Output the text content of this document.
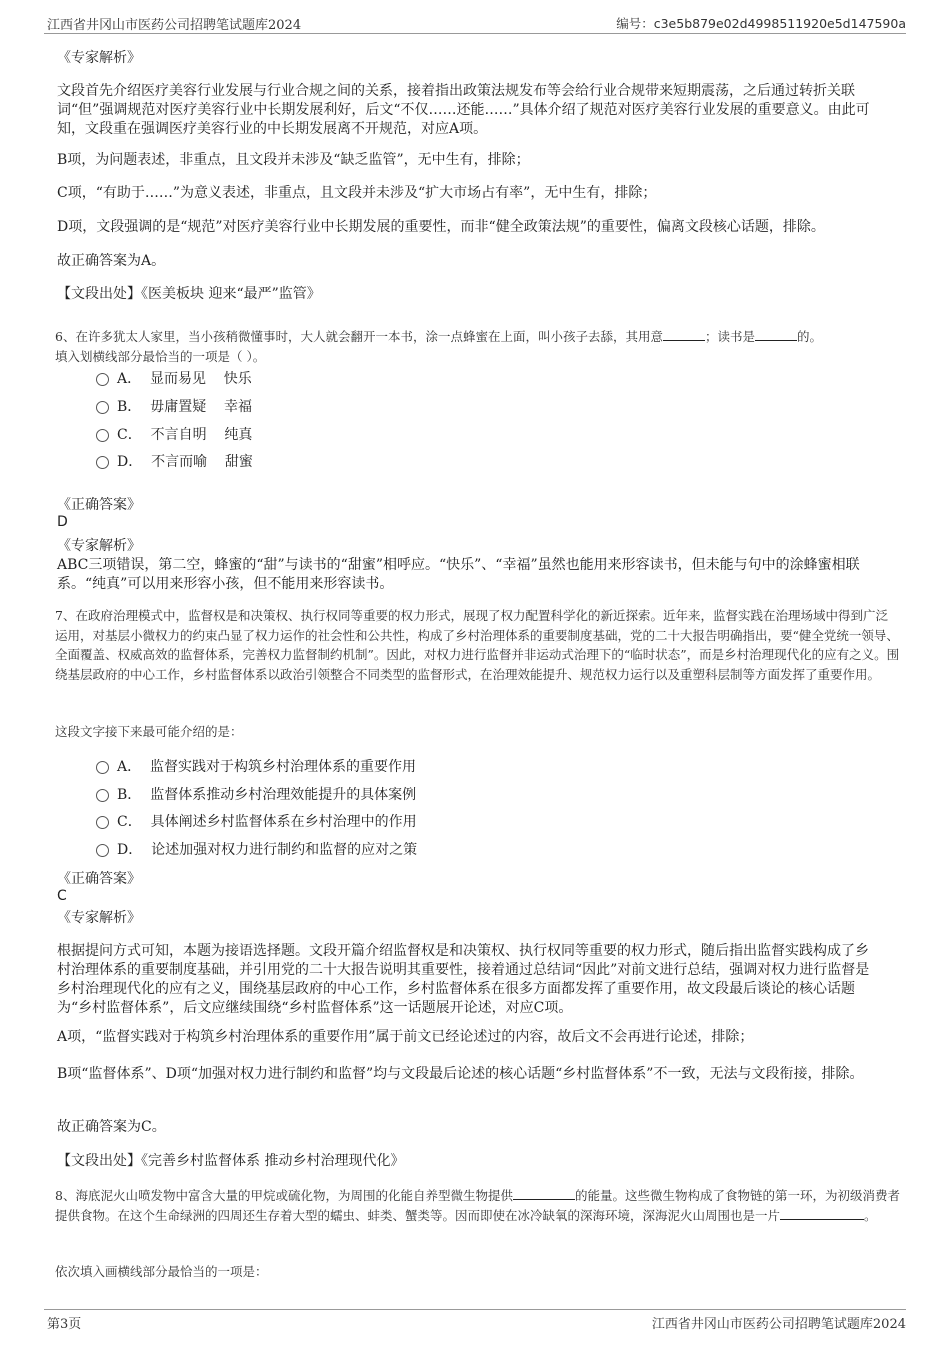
江西省井冈山市医药公司招聘笔试题库2024	编号：c3e5b879e02d4998511920e5d147590a
《专家解析》

文段首先介绍医疗美容行业发展与行业合规之间的关系，接着指出政策法规发布等会给行业合规带来短期震荡，之后通过转折关联词“但”强调规范对医疗美容行业中长期发展利好，后文“不仅……还能……”具体介绍了规范对医疗美容行业发展的重要意义。由此可知，文段重在强调医疗美容行业的中长期发展离不开规范，对应A项。

B项，为问题表述，非重点，且文段并未涉及“缺乏监管”，无中生有，排除；

C项，“有助于……”为意义表述，非重点，且文段并未涉及“扩大市场占有率”，无中生有，排除；

D项，文段强调的是“规范”对医疗美容行业中长期发展的重要性，而非“健全政策法规”的重要性，偏离文段核心话题，排除。

故正确答案为A。
【文段出处】《医美板块 迎来“最严”监管》

6、在许多犹太人家里，当小孩稍微懂事时，大人就会翻开一本书，涂一点蜂蜜在上面，叫小孩子去舔，其用意	；读书是	的。
填入划横线部分最恰当的一项是（ ）。

A．  显而易见    快乐
B．  毋庸置疑    幸福
C．  不言自明    纯真
D．  不言而喻    甜蜜
《正确答案》
D
《专家解析》

ABC三项错误，第二空，蜂蜜的“甜”与读书的“甜蜜”相呼应。“快乐”、“幸福”虽然也能用来形容读书，但未能与句中的涂蜂蜜相联系。“纯真”可以用来形容小孩，但不能用来形容读书。

7、在政府治理模式中，监督权是和决策权、执行权同等重要的权力形式，展现了权力配置科学化的新近探索。近年来，监督实践在治理场域中得到广泛运用，对基层小微权力的约束凸显了权力运作的社会性和公共性，构成了乡村治理体系的重要制度基础，党的二十大报告明确指出，要“健全党统一领导、全面覆盖、权威高效的监督体系，完善权力监督制约机制”。因此，对权力进行监督并非运动式治理下的“临时状态”，而是乡村治理现代化的应有之义。围绕基层政府的中心工作，乡村监督体系以政治引领整合不同类型的监督形式，在治理效能提升、规范权力运行以及重塑科层制等方面发挥了重要作用。

这段文字接下来最可能介绍的是：
A．  监督实践对于构筑乡村治理体系的重要作用
B．  监督体系推动乡村治理效能提升的具体案例
C．  具体阐述乡村监督体系在乡村治理中的作用
D．  论述加强对权力进行制约和监督的应对之策
《正确答案》
C
《专家解析》

根据提问方式可知，本题为接语选择题。文段开篇介绍监督权是和决策权、执行权同等重要的权力形式，随后指出监督实践构成了乡村治理体系的重要制度基础，并引用党的二十大报告说明其重要性，接着通过总结词“因此”对前文进行总结，强调对权力进行监督是乡村治理现代化的应有之义，围绕基层政府的中心工作，乡村监督体系在很多方面都发挥了重要作用，故文段最后谈论的核心话题为“乡村监督体系”，后文应继续围绕“乡村监督体系”这一话题展开论述，对应C项。

A项，“监督实践对于构筑乡村治理体系的重要作用”属于前文已经论述过的内容，故后文不会再进行论述，排除；

B项“监督体系”、D项“加强对权力进行制约和监督”均与文段最后论述的核心话题“乡村监督体系”不一致，无法与文段衔接，排除。

故正确答案为C。
【文段出处】《完善乡村监督体系 推动乡村治理现代化》

8、海底泥火山喷发物中富含大量的甲烷或硫化物，为周围的化能自养型微生物提供	的能量。这些微生物构成了食物链的第一环，为初级消费者提供食物。在这个生命绿洲的四周还生存着大型的蠕虫、蚌类、蟹类等。因而即使在冰冷缺氧的深海环境，深海泥火山周围也是一片	。

依次填入画横线部分最恰当的一项是：
第3页	江西省井冈山市医药公司招聘笔试题库2024
